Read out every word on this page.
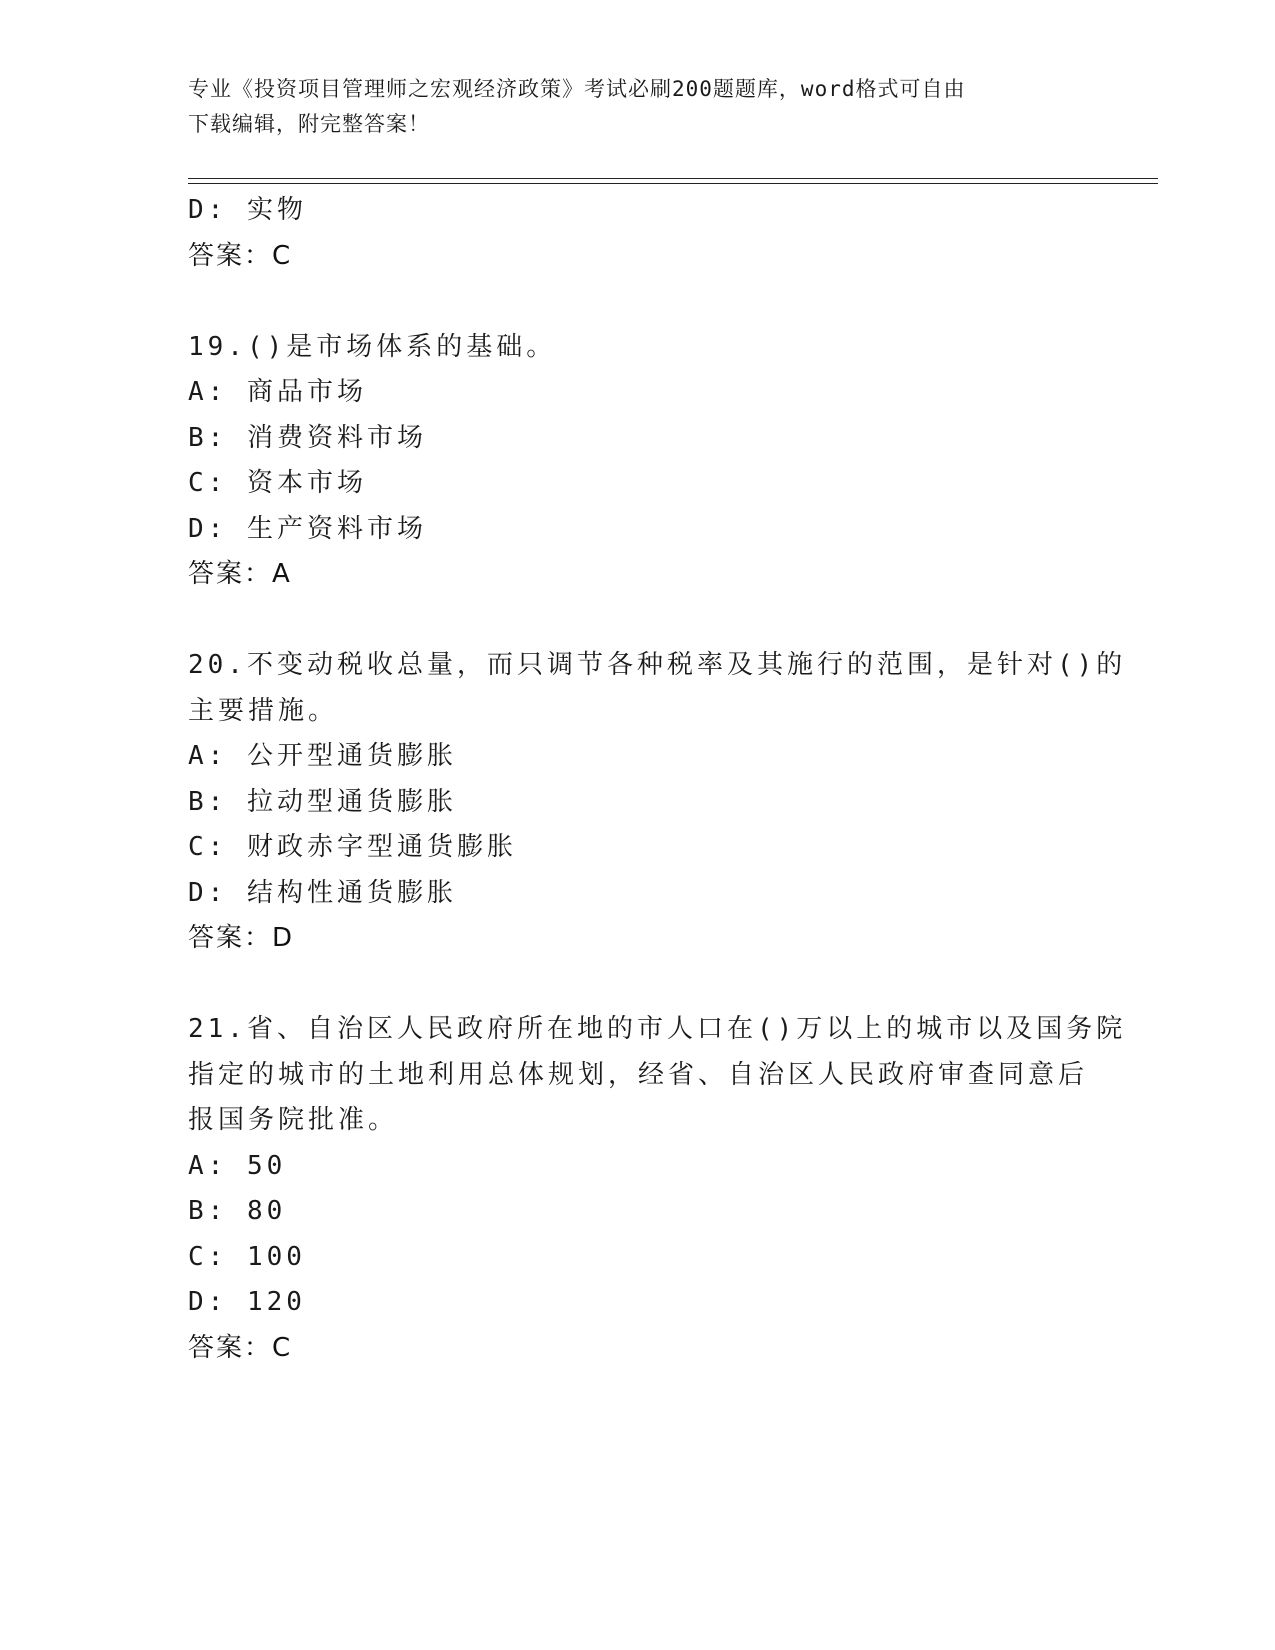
专业《投资项目管理师之宏观经济政策》考试必刷200题题库，word格式可自由
下载编辑，附完整答案！
D: 实物
答案：C
19.()是市场体系的基础。
A: 商品市场
B: 消费资料市场
C: 资本市场
D: 生产资料市场
答案：A
20.不变动税收总量，而只调节各种税率及其施行的范围，是针对()的
主要措施。
A: 公开型通货膨胀
B: 拉动型通货膨胀
C: 财政赤字型通货膨胀
D: 结构性通货膨胀
答案：D
21.省、自治区人民政府所在地的市人口在()万以上的城市以及国务院
指定的城市的土地利用总体规划，经省、自治区人民政府审查同意后
报国务院批准。
A: 50
B: 80
C: 100
D: 120
答案：C
